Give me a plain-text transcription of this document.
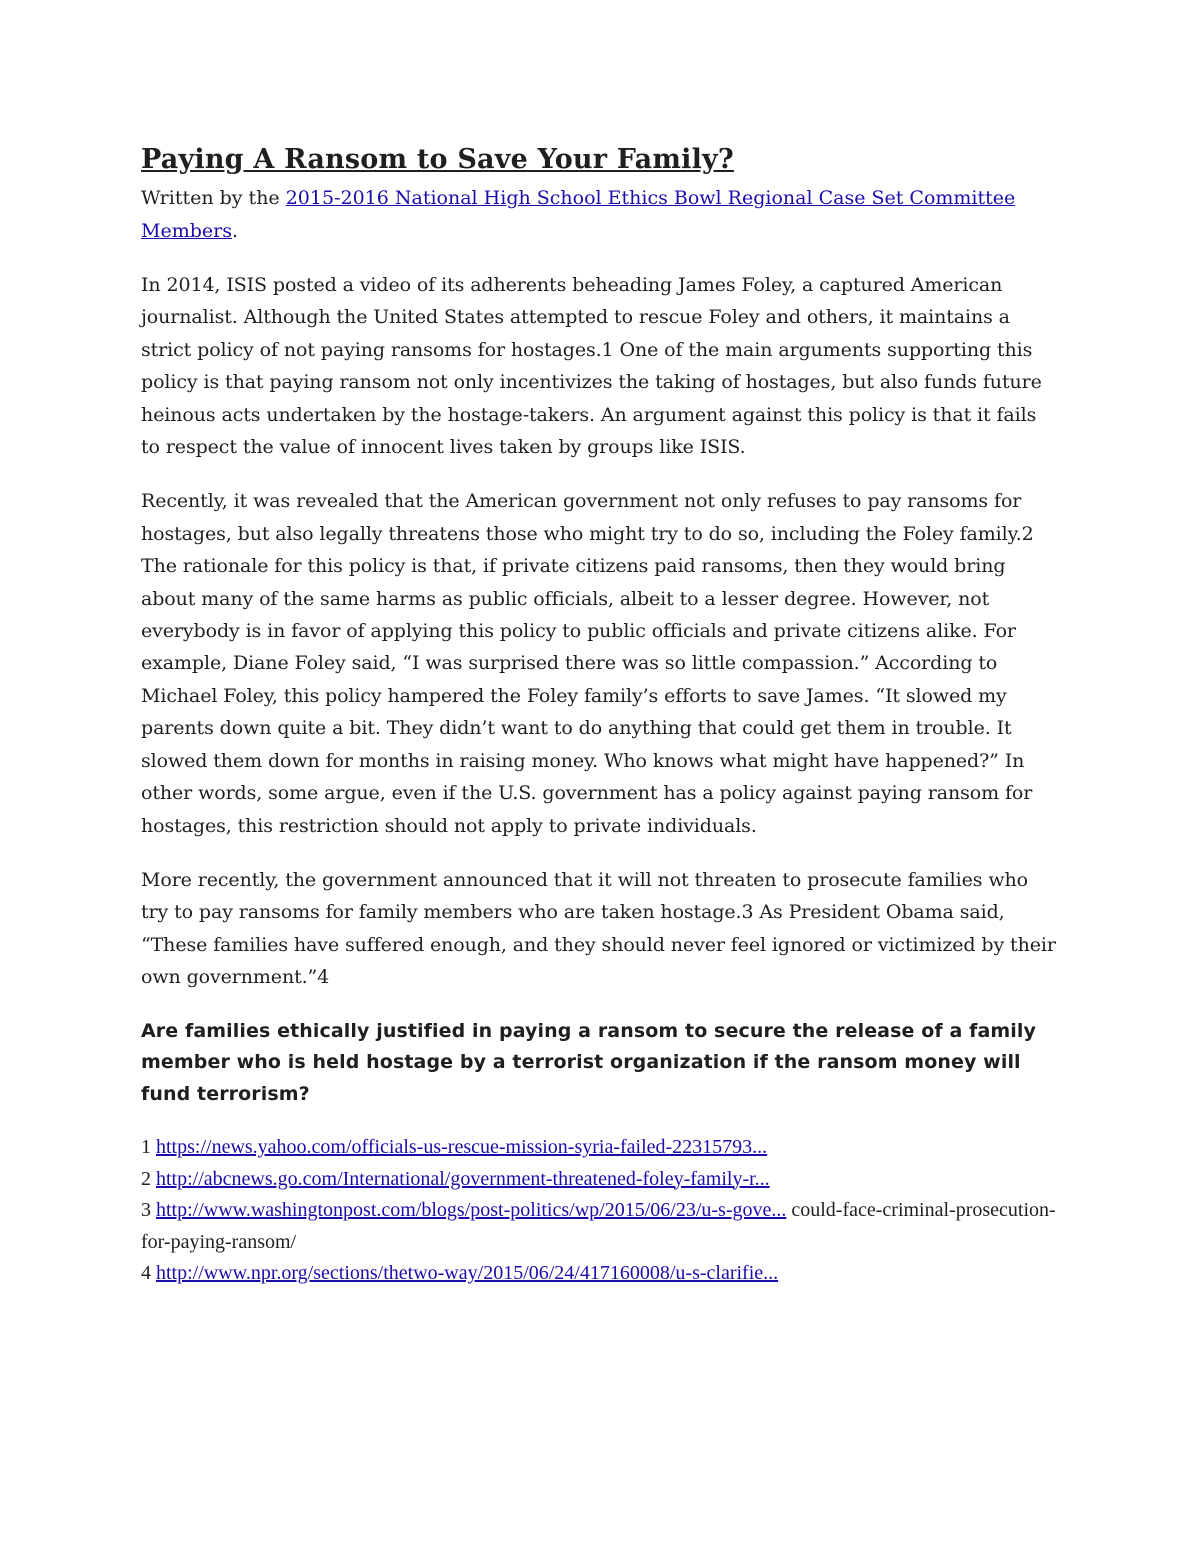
Paying A Ransom to Save Your Family?

Written by the 2015-2016 National High School Ethics Bowl Regional Case Set Committee Members.

In 2014, ISIS posted a video of its adherents beheading James Foley, a captured American journalist. Although the United States attempted to rescue Foley and others, it maintains a strict policy of not paying ransoms for hostages.1 One of the main arguments supporting this policy is that paying ransom not only incentivizes the taking of hostages, but also funds future heinous acts undertaken by the hostage-takers. An argument against this policy is that it fails to respect the value of innocent lives taken by groups like ISIS.

Recently, it was revealed that the American government not only refuses to pay ransoms for hostages, but also legally threatens those who might try to do so, including the Foley family.2 The rationale for this policy is that, if private citizens paid ransoms, then they would bring about many of the same harms as public officials, albeit to a lesser degree. However, not everybody is in favor of applying this policy to public officials and private citizens alike. For example, Diane Foley said, “I was surprised there was so little compassion.” According to Michael Foley, this policy hampered the Foley family’s efforts to save James. “It slowed my parents down quite a bit. They didn’t want to do anything that could get them in trouble. It slowed them down for months in raising money. Who knows what might have happened?” In other words, some argue, even if the U.S. government has a policy against paying ransom for hostages, this restriction should not apply to private individuals.

More recently, the government announced that it will not threaten to prosecute families who try to pay ransoms for family members who are taken hostage.3 As President Obama said, “These families have suffered enough, and they should never feel ignored or victimized by their own government.”4

Are families ethically justified in paying a ransom to secure the release of a family member who is held hostage by a terrorist organization if the ransom money will fund terrorism?

1 https://news.yahoo.com/officials-us-rescue-mission-syria-failed-22315793...
2 http://abcnews.go.com/International/government-threatened-foley-family-r...
3 http://www.washingtonpost.com/blogs/post-politics/wp/2015/06/23/u-s-gove... could-face-criminal-prosecution-for-paying-ransom/
4 http://www.npr.org/sections/thetwo-way/2015/06/24/417160008/u-s-clarifie...
